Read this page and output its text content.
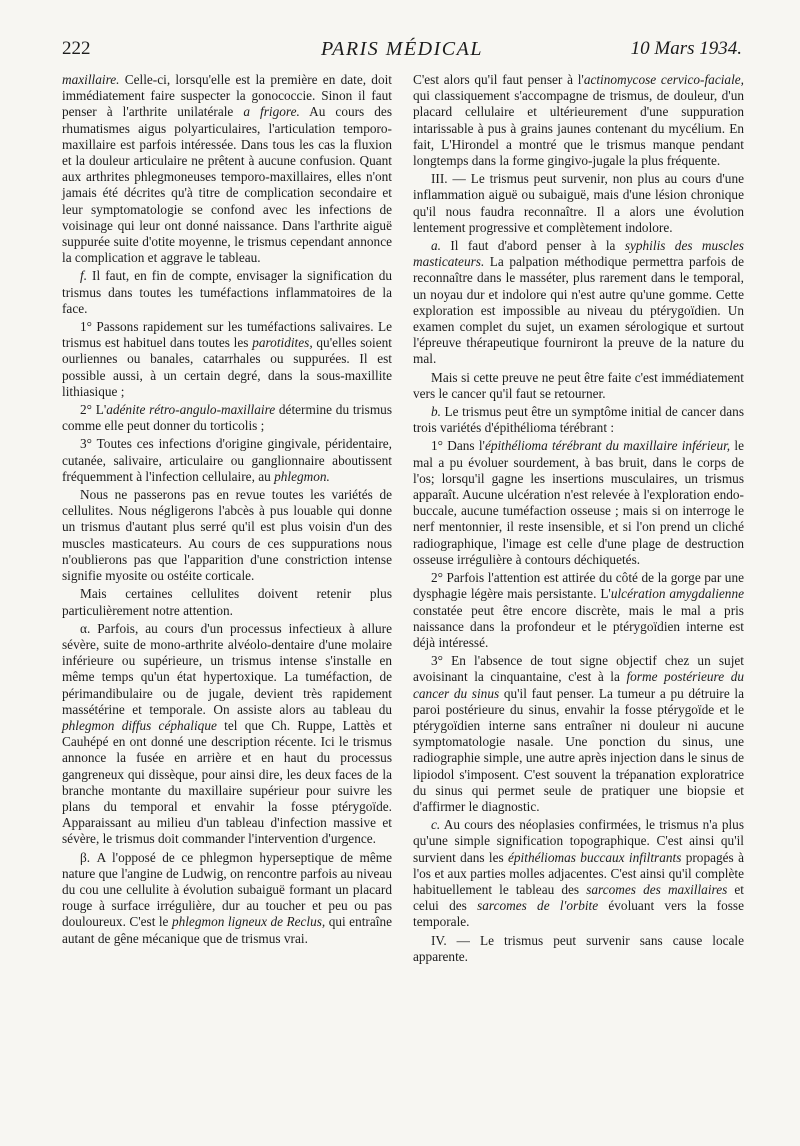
222	PARIS MÉDICAL	10 Mars 1934.

maxillaire. Celle-ci, lorsqu'elle est la première en date, doit immédiatement faire suspecter la gonococcie. Sinon il faut penser à l'arthrite unilatérale a frigore. Au cours des rhumatismes aigus polyarticulaires, l'articulation temporo-maxillaire est parfois intéressée. Dans tous les cas la fluxion et la douleur articulaire ne prêtent à aucune confusion. Quant aux arthrites phlegmoneuses temporo-maxillaires, elles n'ont jamais été décrites qu'à titre de complication secondaire et leur symptomatologie se confond avec les infections de voisinage qui leur ont donné naissance. Dans l'arthrite aiguë suppurée suite d'otite moyenne, le trismus cependant annonce la complication et aggrave le tableau.

f. Il faut, en fin de compte, envisager la signification du trismus dans toutes les tuméfactions inflammatoires de la face.

1° Passons rapidement sur les tuméfactions salivaires. Le trismus est habituel dans toutes les parotidites, qu'elles soient ourliennes ou banales, catarrhales ou suppurées. Il est possible aussi, à un certain degré, dans la sous-maxillite lithiasique ;

2° L'adénite rétro-angulo-maxillaire détermine du trismus comme elle peut donner du torticolis ;

3° Toutes ces infections d'origine gingivale, péridentaire, cutanée, salivaire, articulaire ou ganglionnaire aboutissent fréquemment à l'infection cellulaire, au phlegmon.

Nous ne passerons pas en revue toutes les variétés de cellulites. Nous négligerons l'abcès à pus louable qui donne un trismus d'autant plus serré qu'il est plus voisin d'un des muscles masticateurs. Au cours de ces suppurations nous n'oublierons pas que l'apparition d'une constriction intense signifie myosite ou ostéite corticale.

Mais certaines cellulites doivent retenir plus particulièrement notre attention.

α. Parfois, au cours d'un processus infectieux à allure sévère, suite de mono-arthrite alvéolo-dentaire d'une molaire inférieure ou supérieure, un trismus intense s'installe en même temps qu'un état hypertoxique. La tuméfaction, de périmandibulaire ou de jugale, devient très rapidement massétérine et temporale. On assiste alors au tableau du phlegmon diffus céphalique tel que Ch. Ruppe, Lattès et Cauhépé en ont donné une description récente. Ici le trismus annonce la fusée en arrière et en haut du processus gangreneux qui dissèque, pour ainsi dire, les deux faces de la branche montante du maxillaire supérieur pour suivre les plans du temporal et envahir la fosse ptérygoïde. Apparaissant au milieu d'un tableau d'infection massive et sévère, le trismus doit commander l'intervention d'urgence.

β. A l'opposé de ce phlegmon hyperseptique de même nature que l'angine de Ludwig, on rencontre parfois au niveau du cou une cellulite à évolution subaiguë formant un placard rouge à surface irrégulière, dur au toucher et peu ou pas douloureux. C'est le phlegmon ligneux de Reclus, qui entraîne autant de gêne mécanique que de trismus vrai.

C'est alors qu'il faut penser à l'actinomycose cervico-faciale, qui classiquement s'accompagne de trismus, de douleur, d'un placard cellulaire et ultérieurement d'une suppuration intarissable à pus à grains jaunes contenant du mycélium. En fait, L'Hirondel a montré que le trismus manque pendant longtemps dans la forme gingivo-jugale la plus fréquente.

III. — Le trismus peut survenir, non plus au cours d'une inflammation aiguë ou subaiguë, mais d'une lésion chronique qu'il nous faudra reconnaître. Il a alors une évolution lentement progressive et complètement indolore.

a. Il faut d'abord penser à la syphilis des muscles masticateurs. La palpation méthodique permettra parfois de reconnaître dans le masséter, plus rarement dans le temporal, un noyau dur et indolore qui n'est autre qu'une gomme. Cette exploration est impossible au niveau du ptérygoïdien. Un examen complet du sujet, un examen sérologique et surtout l'épreuve thérapeutique fourniront la preuve de la nature du mal.

Mais si cette preuve ne peut être faite c'est immédiatement vers le cancer qu'il faut se retourner.

b. Le trismus peut être un symptôme initial de cancer dans trois variétés d'épithélioma térébrant :

1° Dans l'épithélioma térébrant du maxillaire inférieur, le mal a pu évoluer sourdement, à bas bruit, dans le corps de l'os; lorsqu'il gagne les insertions musculaires, un trismus apparaît. Aucune ulcération n'est relevée à l'exploration endo-buccale, aucune tuméfaction osseuse ; mais si on interroge le nerf mentonnier, il reste insensible, et si l'on prend un cliché radiographique, l'image est celle d'une plage de destruction osseuse irrégulière à contours déchiquetés.

2° Parfois l'attention est attirée du côté de la gorge par une dysphagie légère mais persistante. L'ulcération amygdalienne constatée peut être encore discrète, mais le mal a pris naissance dans la profondeur et le ptérygoïdien interne est déjà intéressé.

3° En l'absence de tout signe objectif chez un sujet avoisinant la cinquantaine, c'est à la forme postérieure du cancer du sinus qu'il faut penser. La tumeur a pu détruire la paroi postérieure du sinus, envahir la fosse ptérygoïde et le ptérygoïdien interne sans entraîner ni douleur ni aucune symptomatologie nasale. Une ponction du sinus, une radiographie simple, une autre après injection dans le sinus de lipiodol s'imposent. C'est souvent la trépanation exploratrice du sinus qui permet seule de pratiquer une biopsie et d'affirmer le diagnostic.

c. Au cours des néoplasies confirmées, le trismus n'a plus qu'une simple signification topographique. C'est ainsi qu'il survient dans les épithéliomas buccaux infiltrants propagés à l'os et aux parties molles adjacentes. C'est ainsi qu'il complète habituellement le tableau des sarcomes des maxillaires et celui des sarcomes de l'orbite évoluant vers la fosse temporale.

IV. — Le trismus peut survenir sans cause locale apparente.
